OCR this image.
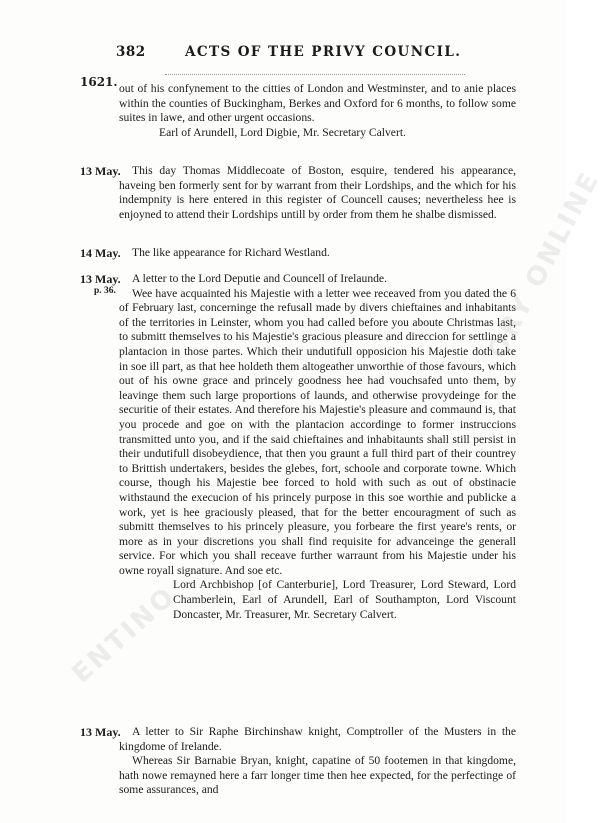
382	ACTS OF THE PRIVY COUNCIL.
1621. out of his confynement to the citties of London and Westminster, and to anie places within the counties of Buckingham, Berkes and Oxford for 6 months, to follow some suites in lawe, and other urgent occasions.

Earl of Arundell, Lord Digbie, Mr. Secretary Calvert.

13 May. This day Thomas Middlecoate of Boston, esquire, tendered his appearance, haveing ben formerly sent for by warrant from their Lordships, and the which for his indempnity is here entered in this register of Councell causes; nevertheless hee is enjoyned to attend their Lordships untill by order from them he shalbe dismissed.

14 May. The like appearance for Richard Westland.

13 May.
p. 36.

A letter to the Lord Deputie and Councell of Irelaunde.

Wee have acquainted his Majestie with a letter wee receaved from you dated the 6 of February last, concerninge the refusall made by divers chieftaines and inhabitants of the territories in Leinster, whom you had called before you aboute Christmas last, to submitt themselves to his Majestie's gracious pleasure and direccion for settlinge a plantacion in those partes. Which their undutifull opposicion his Majestie doth take in soe ill part, as that hee holdeth them altogeather unworthie of those favours, which out of his owne grace and princely goodness hee had vouchsafed unto them, by leavinge them such large proportions of launds, and otherwise provydeinge for the securitie of their estates. And therefore his Majestie's pleasure and commaund is, that you procede and goe on with the plantacion accordinge to former instruccions transmitted unto you, and if the said chieftaines and inhabitaunts shall still persist in their undutifull disobeydience, that then you graunt a full third part of their countrey to Brittish undertakers, besides the glebes, fort, schoole and corporate towne. Which course, though his Majestie bee forced to hold with such as out of obstinacie withstaund the execucion of his princely purpose in this soe worthie and publicke a work, yet is hee graciously pleased, that for the better encouragment of such as submitt themselves to his princely pleasure, you forbeare the first yeare's rents, or more as in your discretions you shall find requisite for advanceinge the generall service. For which you shall receave further warraunt from his Majestie under his owne royall signature. And soe etc.

Lord Archbishop [of Canterburie], Lord Treasurer, Lord Steward, Lord Chamberlein, Earl of Arundell, Earl of Southampton, Lord Viscount Doncaster, Mr. Treasurer, Mr. Secretary Calvert.

13 May. A letter to Sir Raphe Birchinshaw knight, Comptroller of the Musters in the kingdome of Irelande.

Whereas Sir Barnabie Bryan, knight, capatine of 50 footemen in that kingdome, hath nowe remayned here a farr longer time then hee expected, for the perfectinge of some assurances, and

ENTINO
ORY ONLINE
